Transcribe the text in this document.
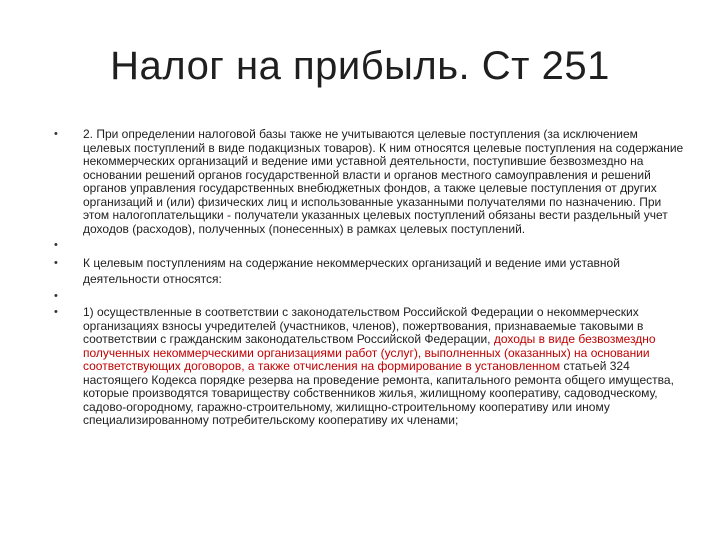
Налог на прибыль. Ст 251
• 2. При определении налоговой базы также не учитываются целевые поступления (за исключением целевых поступлений в виде подакцизных товаров). К ним относятся целевые поступления на содержание некоммерческих организаций и ведение ими уставной деятельности, поступившие безвозмездно на основании решений органов государственной власти и органов местного самоуправления и решений органов управления государственных внебюджетных фондов, а также целевые поступления от других организаций и (или) физических лиц и использованные указанными получателями по назначению. При этом налогоплательщики - получатели указанных целевых поступлений обязаны вести раздельный учет доходов (расходов), полученных (понесенных) в рамках целевых поступлений.
•
• К целевым поступлениям на содержание некоммерческих организаций и ведение ими уставной деятельности относятся:
•
• 1) осуществленные в соответствии с законодательством Российской Федерации о некоммерческих организациях взносы учредителей (участников, членов), пожертвования, признаваемые таковыми в соответствии с гражданским законодательством Российской Федерации, доходы в виде безвозмездно полученных некоммерческими организациями работ (услуг), выполненных (оказанных) на основании соответствующих договоров, а также отчисления на формирование в установленном статьей 324 настоящего Кодекса порядке резерва на проведение ремонта, капитального ремонта общего имущества, которые производятся товариществу собственников жилья, жилищному кооперативу, садоводческому, садово-огородному, гаражно-строительному, жилищно-строительному кооперативу или иному специализированному потребительскому кооперативу их членами;
